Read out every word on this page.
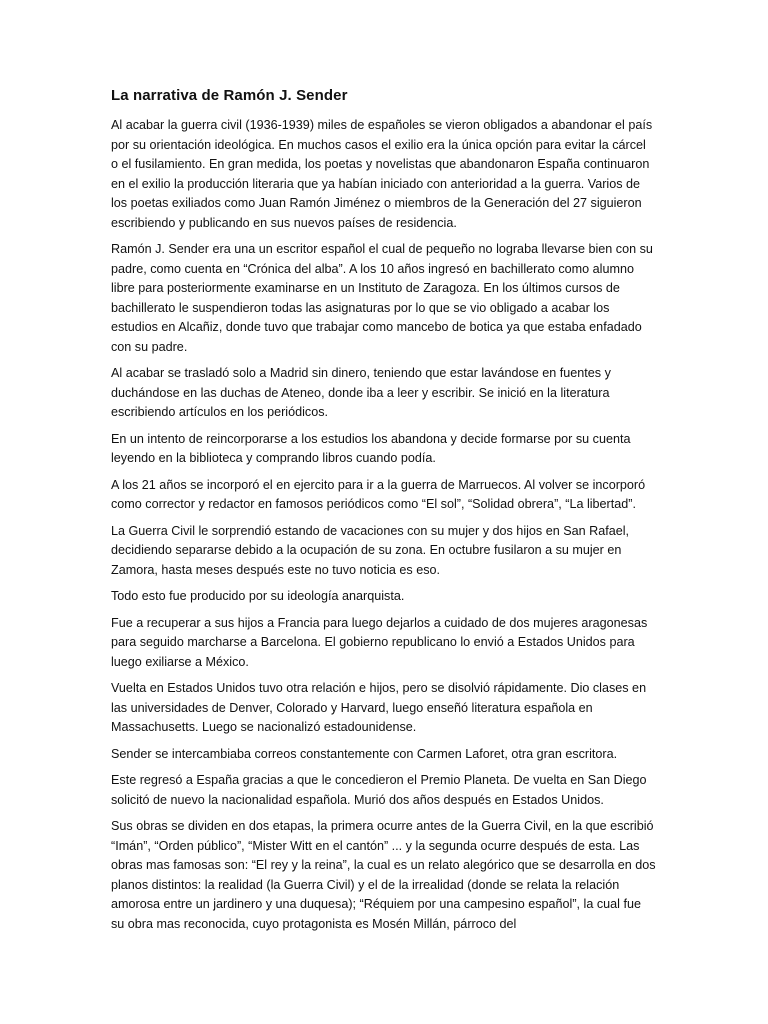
La narrativa de Ramón J. Sender

Al acabar la guerra civil (1936-1939) miles de españoles se vieron obligados a abandonar el país por su orientación ideológica. En muchos casos el exilio era la única opción para evitar la cárcel o el fusilamiento. En gran medida, los poetas y novelistas que abandonaron España continuaron en el exilio la producción literaria que ya habían iniciado con anterioridad a la guerra. Varios de los poetas exiliados como Juan Ramón Jiménez o miembros de la Generación del 27 siguieron escribiendo y publicando en sus nuevos países de residencia.

Ramón J. Sender era una un escritor español el cual de pequeño no lograba llevarse bien con su padre, como cuenta en “Crónica del alba”. A los 10 años ingresó en bachillerato como alumno libre para posteriormente examinarse en un Instituto de Zaragoza. En los últimos cursos de bachillerato le suspendieron todas las asignaturas por lo que se vio obligado a acabar los estudios en Alcañiz, donde tuvo que trabajar como mancebo de botica ya que estaba enfadado con su padre.

Al acabar se trasladó solo a Madrid sin dinero, teniendo que estar lavándose en fuentes y duchándose en las duchas de Ateneo, donde iba a leer y escribir. Se inició en la literatura escribiendo artículos en los periódicos.

En un intento de reincorporarse a los estudios los abandona y decide formarse por su cuenta leyendo en la biblioteca y comprando libros cuando podía.

A los 21 años se incorporó el en ejercito para ir a la guerra de Marruecos. Al volver se incorporó como corrector y redactor en famosos periódicos como “El sol”, “Solidad obrera”, “La libertad”.

La Guerra Civil le sorprendió estando de vacaciones con su mujer y dos hijos en San Rafael, decidiendo separarse debido a la ocupación de su zona. En octubre fusilaron a su mujer en Zamora, hasta meses después este no tuvo noticia es eso.

Todo esto fue producido por su ideología anarquista.

Fue a recuperar a sus hijos a Francia para luego dejarlos a cuidado de dos mujeres aragonesas para seguido marcharse a Barcelona. El gobierno republicano lo envió a Estados Unidos para luego exiliarse a México.

Vuelta en Estados Unidos tuvo otra relación e hijos, pero se disolvió rápidamente. Dio clases en las universidades de Denver, Colorado y Harvard, luego enseñó literatura española en Massachusetts. Luego se nacionalizó estadounidense.

Sender se intercambiaba correos constantemente con Carmen Laforet, otra gran escritora.

Este regresó a España gracias a que le concedieron el Premio Planeta. De vuelta en San Diego solicitó de nuevo la nacionalidad española. Murió dos años después en Estados Unidos.

Sus obras se dividen en dos etapas, la primera ocurre antes de la Guerra Civil, en la que escribió “Imán”, “Orden público”, “Mister Witt en el cantón” ... y la segunda ocurre después de esta. Las obras mas famosas son: “El rey y la reina”, la cual es un relato alegórico que se desarrolla en dos planos distintos: la realidad (la Guerra Civil) y el de la irrealidad (donde se relata la relación amorosa entre un jardinero y una duquesa); “Réquiem por una campesino español”, la cual fue su obra mas reconocida, cuyo protagonista es Mosén Millán, párroco del
